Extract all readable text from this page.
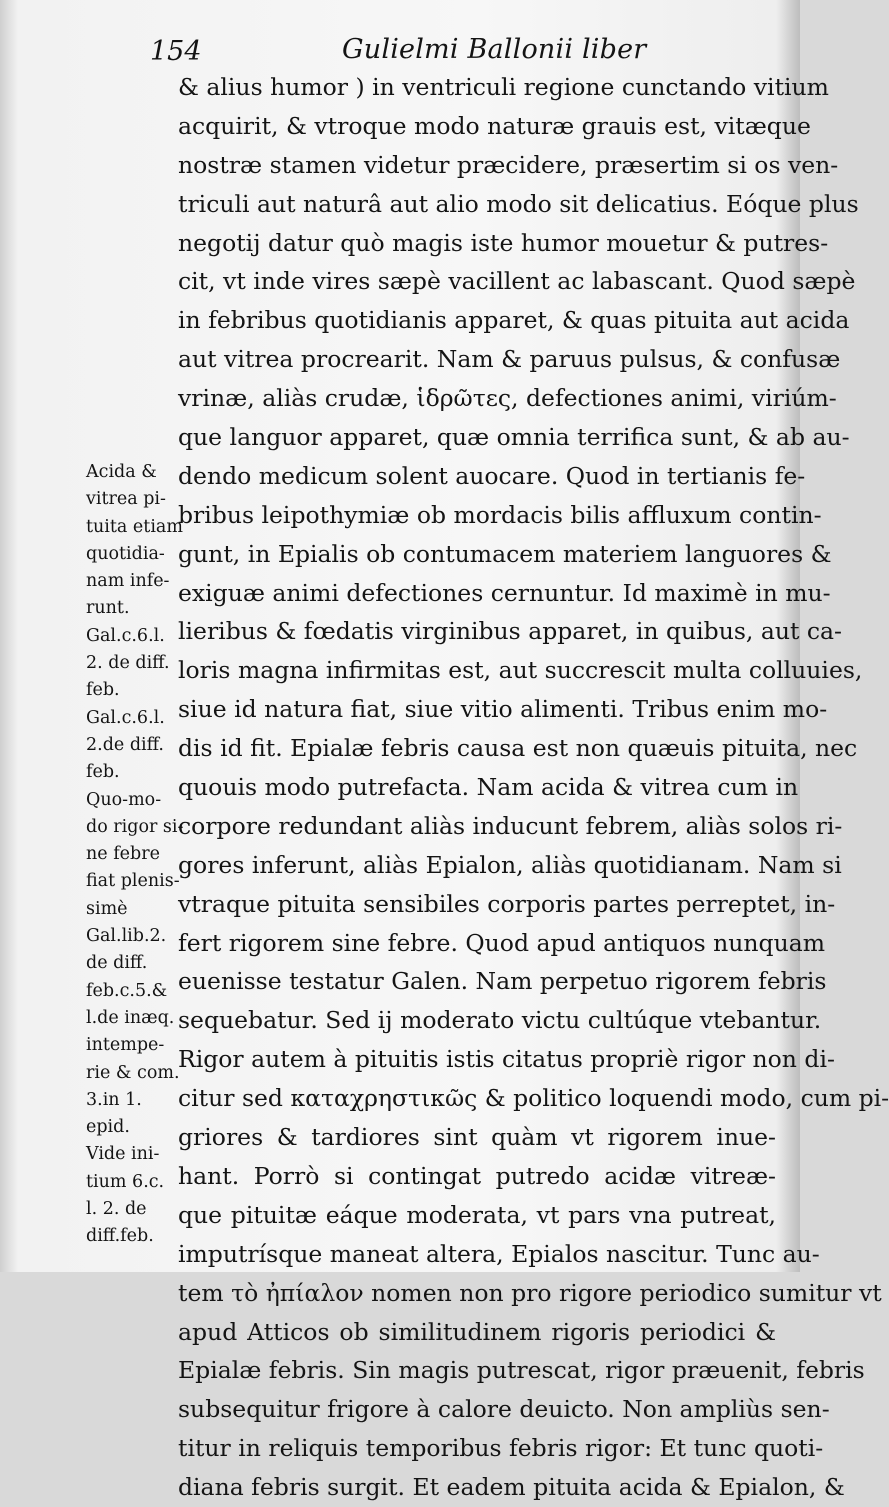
154	Gulielmi Ballonii liber
& alius humor ) in ventriculi regione cunctando vitium
acquirit, & vtroque modo naturæ grauis est, vitæque
nostræ stamen videtur præcidere, præsertim si os ven-
triculi aut naturâ aut alio modo sit delicatius. Eóque plus
negotij datur quò magis iste humor mouetur & putres-
cit, vt inde vires sæpè vacillent ac labascant. Quod sæpè
in febribus quotidianis apparet, & quas pituita aut acida
aut vitrea procrearit. Nam & paruus pulsus, & confusæ
vrinæ, aliàs crudæ, ἱδρῶτες, defectiones animi, viriúm-
que languor apparet, quæ omnia terrifica sunt, & ab au-
dendo medicum solent auocare. Quod in tertianis fe-
bribus leipothymiæ ob mordacis bilis affluxum contin-
gunt, in Epialis ob contumacem materiem languores &
exiguæ animi defectiones cernuntur. Id maximè in mu-
lieribus & fœdatis virginibus apparet, in quibus, aut ca-
loris magna infirmitas est, aut succrescit multa colluuies,
siue id natura fiat, siue vitio alimenti. Tribus enim mo-
dis id fit. Epialæ febris causa est non quæuis pituita, nec
quouis modo putrefacta. Nam acida & vitrea cum in
corpore redundant aliàs inducunt febrem, aliàs solos ri-
gores inferunt, aliàs Epialon, aliàs quotidianam. Nam si
vtraque pituita sensibiles corporis partes perreptet, in-
fert rigorem sine febre. Quod apud antiquos nunquam
euenisse testatur Galen. Nam perpetuo rigorem febris
sequebatur. Sed ij moderato victu cultúque vtebantur.
Rigor autem à pituitis istis citatus propriè rigor non di-
citur sed καταχρηστικῶς & politico loquendi modo, cum pi-
griores & tardiores sint quàm vt rigorem inue-
hant. Porrò si contingat putredo acidæ vitreæ-
que pituitæ eáque moderata, vt pars vna putreat,
imputrísque maneat altera, Epialos nascitur. Tunc au-
tem τὸ ἠπίαλον nomen non pro rigore periodico sumitur vt
apud Atticos ob similitudinem rigoris periodici &
Epialæ febris. Sin magis putrescat, rigor præuenit, febris
subsequitur frigore à calore deuicto. Non ampliùs sen-
titur in reliquis temporibus febris rigor: Et tunc quoti-
diana febris surgit. Et eadem pituita acida & Epialon, &
Acida &
vitrea pi-
tuita etiam
quotidia-
nam infe-
runt.
Gal.c.6.l.
2. de diff.
feb.
Gal.c.6.l.
2.de diff.
feb.
Quo-mo-
do rigor si-
ne febre
fiat plenis-
simè
Gal.lib.2.
de diff.
feb.c.5.&
l.de inæq.
intempe-
rie & com.
3.in 1.
epid.
Vide ini-
tium 6.c.
l. 2. de
diff.feb.
